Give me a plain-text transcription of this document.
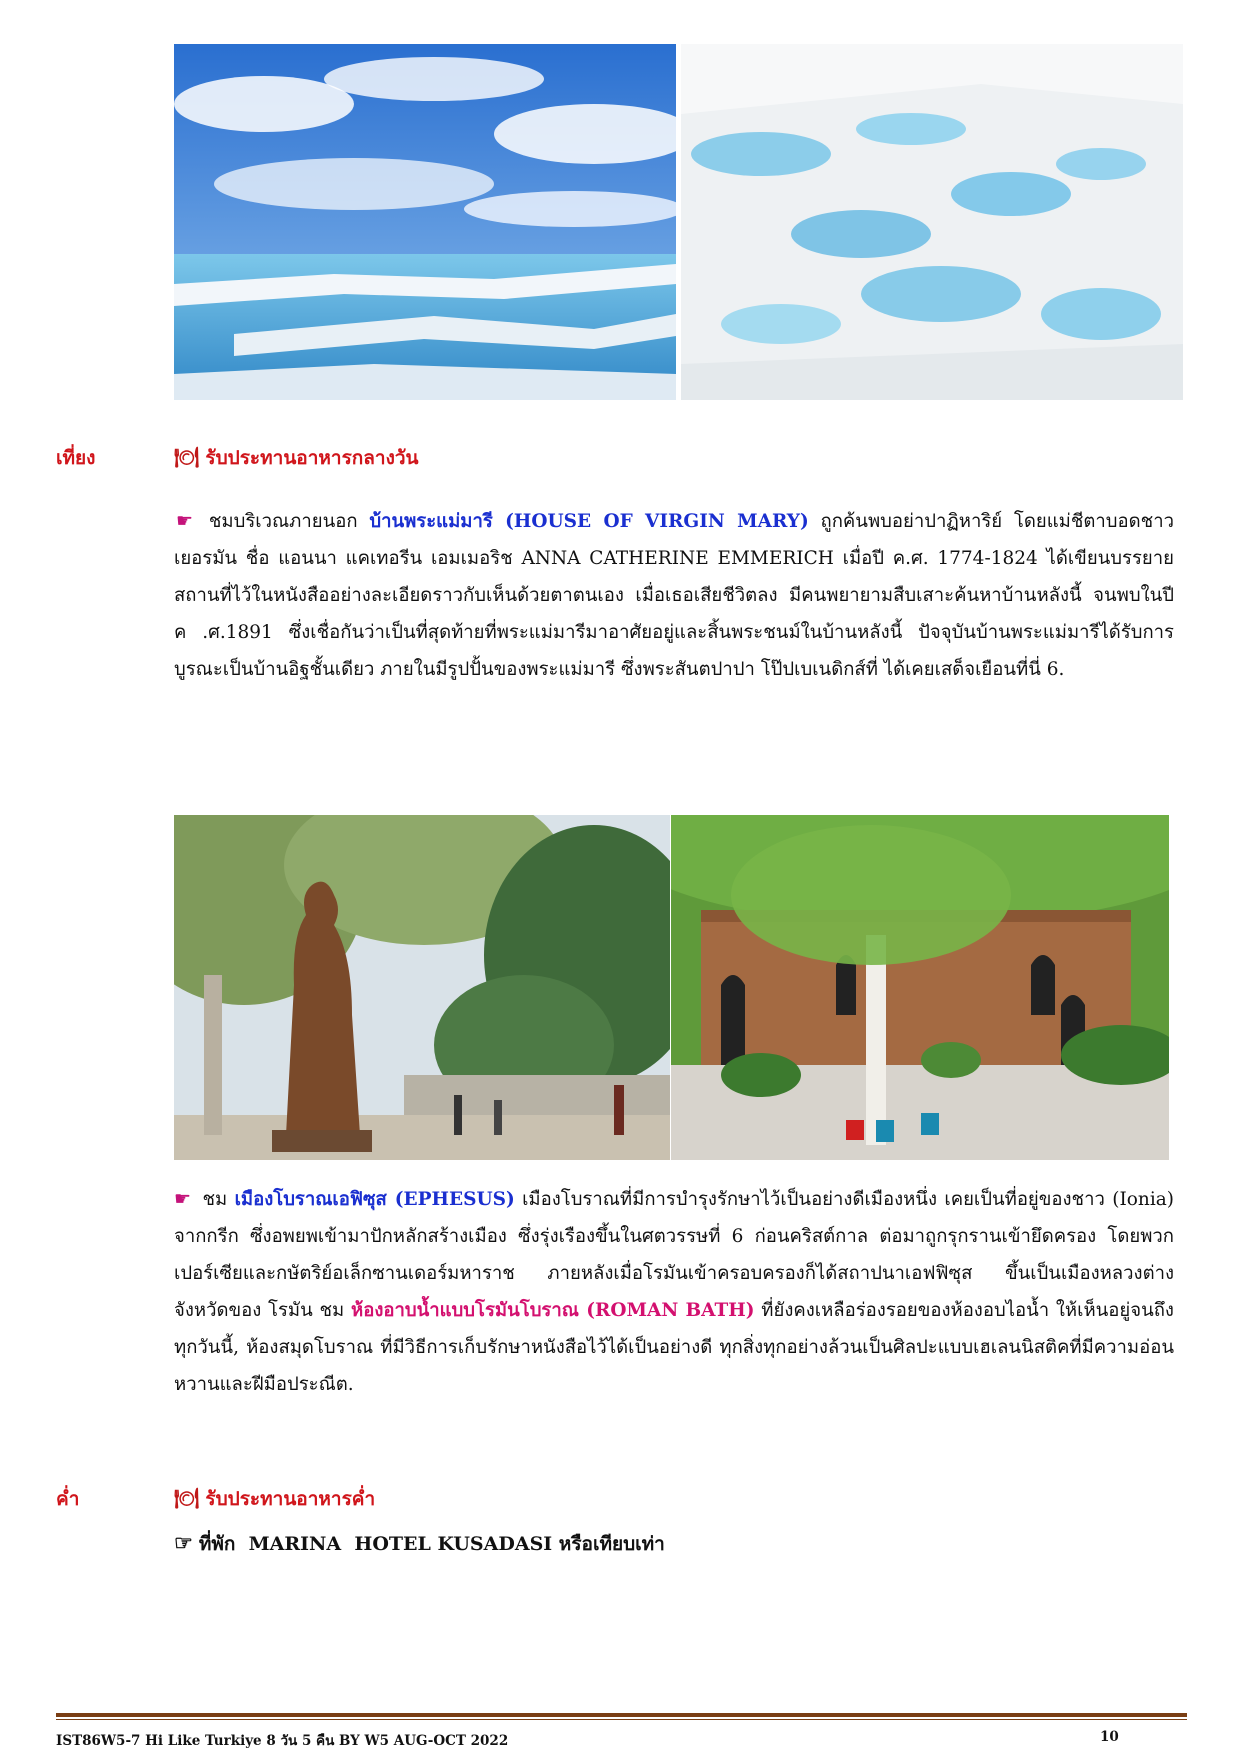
เที่ยง	🍽 รับประทานอาหารกลางวัน
☛ ชมบริเวณภายนอก บ้านพระแม่มารี (HOUSE OF VIRGIN MARY) ถูกค้นพบอย่าปาฏิหาริย์ โดยแม่ชีตาบอดชาวเยอรมัน ชื่อ แอนนา แคเทอรีน เอมเมอริช ANNA CATHERINE EMMERICH เมื่อปี ค.ศ. 1774-1824 ได้เขียนบรรยายสถานที่ไว้ในหนังสืออย่างละเอียดราวกับเห็นด้วยตาตนเอง เมื่อเธอเสียชีวิตลง มีคนพยายามสืบเสาะค้นหาบ้านหลังนี้ จนพบในปี ค .ศ.1891 ซึ่งเชื่อกันว่าเป็นที่สุดท้ายที่พระแม่มารีมาอาศัยอยู่และสิ้นพระชนม์ในบ้านหลังนี้ ปัจจุบันบ้านพระแม่มารีได้รับการบูรณะเป็นบ้านอิฐชั้นเดียว ภายในมีรูปปั้นของพระแม่มารี ซึ่งพระสันตปาปา โป๊ปเบเนดิกส์ที่ ได้เคยเสด็จเยือนที่นี่ 6.
☛ ชม เมืองโบราณเอฟิซุส (EPHESUS) เมืองโบราณที่มีการบำรุงรักษาไว้เป็นอย่างดีเมืองหนึ่ง เคยเป็นที่อยู่ของชาว (Ionia) จากกรีก ซึ่งอพยพเข้ามาปักหลักสร้างเมือง ซึ่งรุ่งเรืองขึ้นในศตวรรษที่ 6 ก่อนคริสต์กาล ต่อมาถูกรุกรานเข้ายึดครอง โดยพวกเปอร์เซียและกษัตริย์อเล็กซานเดอร์มหาราช ภายหลังเมื่อโรมันเข้าครอบครองก็ได้สถาปนาเอฟฟิซุส ขึ้นเป็นเมืองหลวงต่างจังหวัดของ โรมัน ชม ห้องอาบน้ำแบบโรมันโบราณ (ROMAN BATH) ที่ยังคงเหลือร่องรอยของห้องอบไอน้ำ ให้เห็นอยู่จนถึงทุกวันนี้, ห้องสมุดโบราณ ที่มีวิธีการเก็บรักษาหนังสือไว้ได้เป็นอย่างดี ทุกสิ่งทุกอย่างล้วนเป็นศิลปะแบบเฮเลนนิสติคที่มีความอ่อนหวานและฝีมือประณีต.
ค่ำ	🍽 รับประทานอาหารค่ำ
☞ ที่พัก  MARINA  HOTEL KUSADASI หรือเทียบเท่า
IST86W5-7 Hi Like Turkiye 8 วัน 5 คืน BY W5 AUG-OCT 2022	10
